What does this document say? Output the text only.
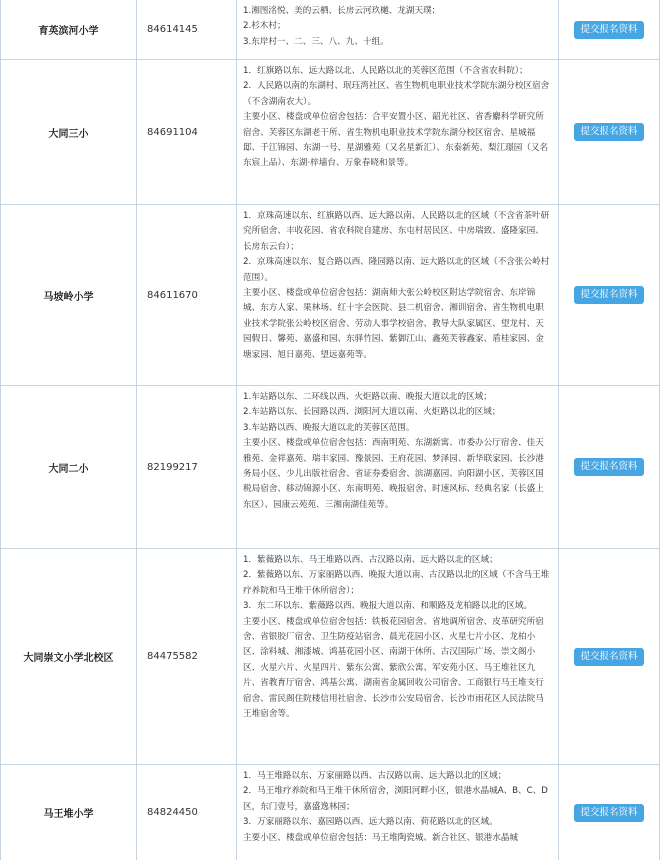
育英滨河小学	84614145
1.湘图洺悦、美的云栖、长房云河玖樾、龙湖天璞；
2.杉木村；
3.东岸村一、二、三、八、九、十组。
提交报名资料
大同三小	84691104
1．红旗路以东、远大路以北、人民路以北的芙蓉区范围（不含省农科院）；
2．人民路以南的东湖村、珉珏湾社区、省生物机电职业技术学院东湖分校区宿舍（不含湖南农大）。
主要小区、楼盘或单位宿舍包括：合平安置小区、韶光社区、省香麝科学研究所宿舍、芙蓉区东湖老干所、省生物机电职业技术学院东湖分校区宿舍、星城福邸、千江锦园、东湖一号、星湖雅苑（又名星新汇）、东泰新苑、梨江璟园（又名东宸上品）、东湖·梓墙台、万象春晓和景等。
提交报名资料
马坡岭小学	84611670
1．京珠高速以东、红旗路以西、远大路以南、人民路以北的区域（不含省茶叶研究所宿舍、丰收花园、省农科院自建房、东屯村居民区、中房瑞致、盛隆家园、长房东云台）；
2．京珠高速以东、复合路以西、隆园路以南、远大路以北的区域（不含张公岭村范围）。
主要小区、楼盘或单位宿舍包括：湖南师大张公岭校区附达学院宿舍、东岸锦城、东方人家、果林场、红十字会医院、县二机宿舍、湘训宿舍、省生物机电职业技术学院张公岭校区宿舍、劳动人事学校宿舍、教导大队家属区、望龙村、天园假日、馨苑、嘉盛和园、东驿竹园、紫御江山、鑫苑芙蓉鑫家、盾桂家园、金塘家园、旭日嘉苑、望远嘉苑等。
提交报名资料
大同二小	82199217
1.车站路以东、二环线以西、火炬路以南、晚报大道以北的区域；
2.车站路以东、长园路以西、浏阳河大道以南、火炬路以北的区域；
3.车站路以西、晚报大道以北的芙蓉区范围。
主要小区、楼盘或单位宿舍包括：西南明苑、东湖新寓、市委办公厅宿舍、佳天雅苑、金祥嘉苑、瑞丰家园、豫景园、王府花园、梦泽园、新华联家园、长沙港务局小区、少儿出版社宿舍、省证券委宿舍、滨湖嘉园、向阳湖小区、芙蓉区国税局宿舍、移动锦源小区、东南明苑、晚报宿舍、时速风标、经典名家（长盛上东区）、园康云苑苑、三湘南湖佳苑等。
提交报名资料
大同崇文小学北校区	84475582
1．紫薇路以东、马王堆路以西、古汉路以南、远大路以北的区域；
2．紫薇路以东、万家丽路以西、晚报大道以南、古汉路以北的区域（不含马王堆疗养院和马王堆干休所宿舍）；
3．东二环以东、紫薇路以西、晚报大道以南、和顺路及龙柏路以北的区域。
主要小区、楼盘或单位宿舍包括：铁板花园宿舍、省地调所宿舍、皮革研究所宿舍、省银胶厂宿舍、卫生防疫站宿舍、晨光花园小区、火星七片小区、龙柏小区、涂料城、湘漆城、鸿基花园小区、南湖干休所、古汉国际广场、崇文阁小区、火星六片、火星四片、紫东公寓、紫欣公寓、军安苑小区、马王堆社区九片、省教育厅宿舍、鸿基公寓、湖南省金属回收公司宿舍、工商银行马王堆支行宿舍、雷民阁住院楼信用社宿舍、长沙市公安局宿舍、长沙市雨花区人民法院马王堆宿舍等。
提交报名资料
马王堆小学	84824450
1．马王堆路以东、万家丽路以西、古汉路以南、远大路以北的区域；
2．马王堆疗养院和马王堆干休所宿舍，浏阳河畔小区，银港水晶城A、B、C、D区，东门壹号，嘉盛逸林园；
3．万家丽路以东、嘉园路以西、远大路以南、荷花路以北的区域。
主要小区、楼盘或单位宿舍包括：马王堆陶瓷城、新合社区、银港水晶城
提交报名资料
